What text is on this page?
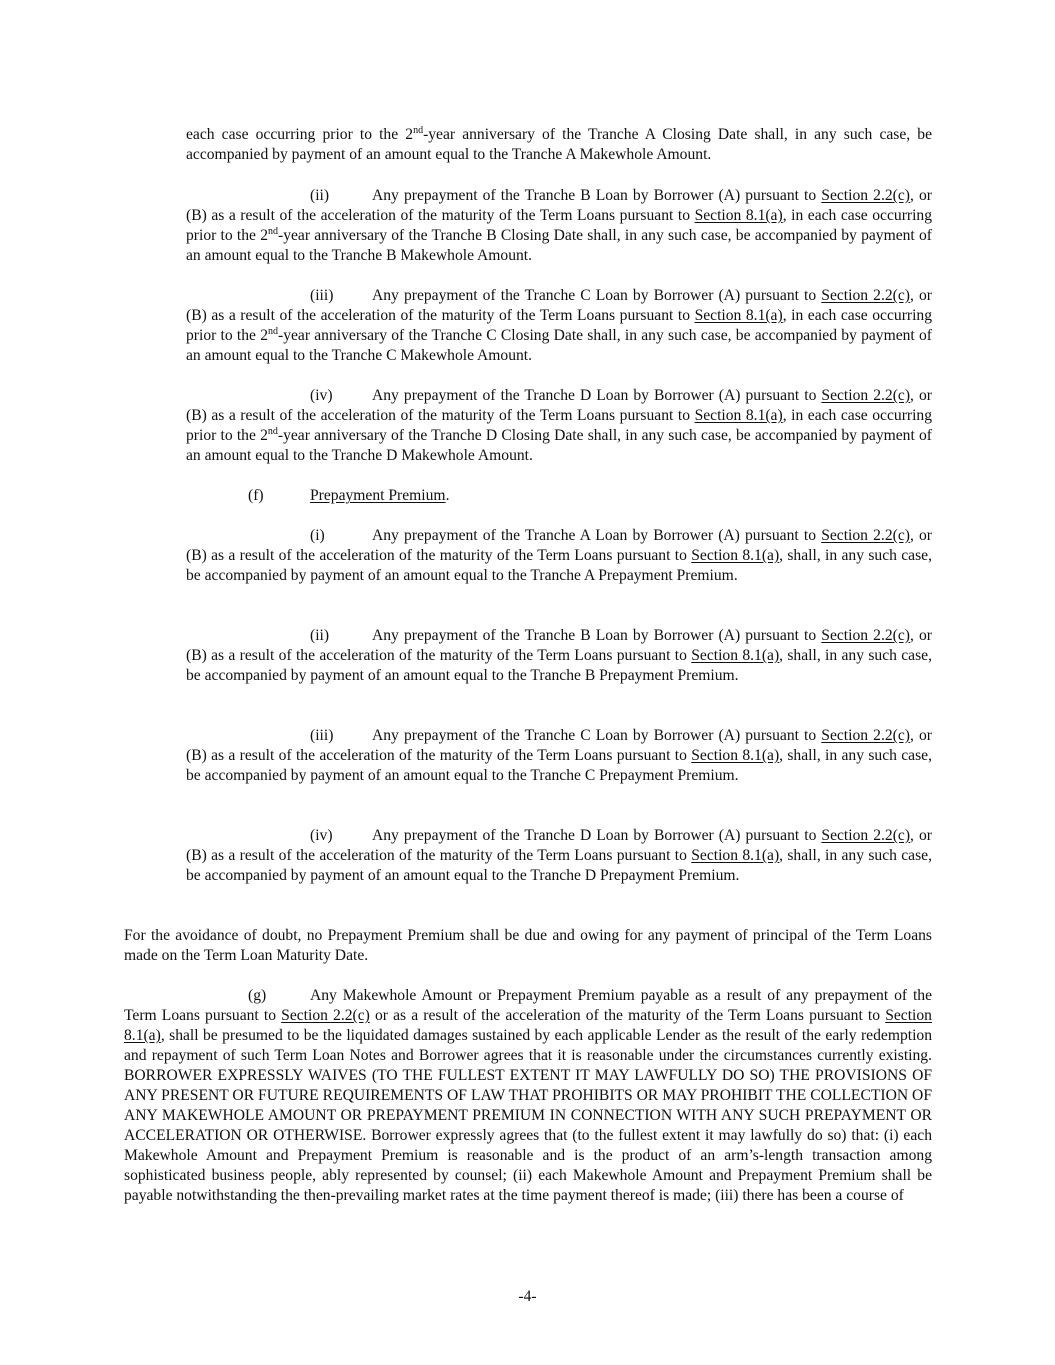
each case occurring prior to the 2nd-year anniversary of the Tranche A Closing Date shall, in any such case, be accompanied by payment of an amount equal to the Tranche A Makewhole Amount.

(ii)	Any prepayment of the Tranche B Loan by Borrower (A) pursuant to Section 2.2(c), or (B) as a result of the acceleration of the maturity of the Term Loans pursuant to Section 8.1(a), in each case occurring prior to the 2nd-year anniversary of the Tranche B Closing Date shall, in any such case, be accompanied by payment of an amount equal to the Tranche B Makewhole Amount.

(iii) Any prepayment of the Tranche C Loan by Borrower (A) pursuant to Section 2.2(c), or (B) as a result of the acceleration of the maturity of the Term Loans pursuant to Section 8.1(a), in each case occurring prior to the 2nd-year anniversary of the Tranche C Closing Date shall, in any such case, be accompanied by payment of an amount equal to the Tranche C Makewhole Amount.

(iv)	Any prepayment of the Tranche D Loan by Borrower (A) pursuant to Section 2.2(c), or (B) as a result of the acceleration of the maturity of the Term Loans pursuant to Section 8.1(a), in each case occurring prior to the 2nd-year anniversary of the Tranche D Closing Date shall, in any such case, be accompanied by payment of an amount equal to the Tranche D Makewhole Amount.

(f)	Prepayment Premium.

(i)	Any prepayment of the Tranche A Loan by Borrower (A) pursuant to Section 2.2(c), or (B) as a result of the acceleration of the maturity of the Term Loans pursuant to Section 8.1(a), shall, in any such case, be accompanied by payment of an amount equal to the Tranche A Prepayment Premium.

(ii)	Any prepayment of the Tranche B Loan by Borrower (A) pursuant to Section 2.2(c), or (B) as a result of the acceleration of the maturity of the Term Loans pursuant to Section 8.1(a), shall, in any such case, be accompanied by payment of an amount equal to the Tranche B Prepayment Premium.

(iii) Any prepayment of the Tranche C Loan by Borrower (A) pursuant to Section 2.2(c), or (B) as a result of the acceleration of the maturity of the Term Loans pursuant to Section 8.1(a), shall, in any such case, be accompanied by payment of an amount equal to the Tranche C Prepayment Premium.

(iv)	Any prepayment of the Tranche D Loan by Borrower (A) pursuant to Section 2.2(c), or (B) as a result of the acceleration of the maturity of the Term Loans pursuant to Section 8.1(a), shall, in any such case, be accompanied by payment of an amount equal to the Tranche D Prepayment Premium.

For the avoidance of doubt, no Prepayment Premium shall be due and owing for any payment of principal of the Term Loans made on the Term Loan Maturity Date.

(g)	Any Makewhole Amount or Prepayment Premium payable as a result of any prepayment of the Term Loans pursuant to Section 2.2(c) or as a result of the acceleration of the maturity of the Term Loans pursuant to Section 8.1(a), shall be presumed to be the liquidated damages sustained by each applicable Lender as the result of the early redemption and repayment of such Term Loan Notes and Borrower agrees that it is reasonable under the circumstances currently existing. BORROWER EXPRESSLY WAIVES (TO THE FULLEST EXTENT IT MAY LAWFULLY DO SO) THE PROVISIONS OF ANY PRESENT OR FUTURE REQUIREMENTS OF LAW THAT PROHIBITS OR MAY PROHIBIT THE COLLECTION OF ANY MAKEWHOLE AMOUNT OR PREPAYMENT PREMIUM IN CONNECTION WITH ANY SUCH PREPAYMENT OR ACCELERATION OR OTHERWISE. Borrower expressly agrees that (to the fullest extent it may lawfully do so) that: (i) each Makewhole Amount and Prepayment Premium is reasonable and is the product of an arm’s-length transaction among sophisticated business people, ably represented by counsel; (ii) each Makewhole Amount and Prepayment Premium shall be payable notwithstanding the then-prevailing market rates at the time payment thereof is made; (iii) there has been a course of

-4-
